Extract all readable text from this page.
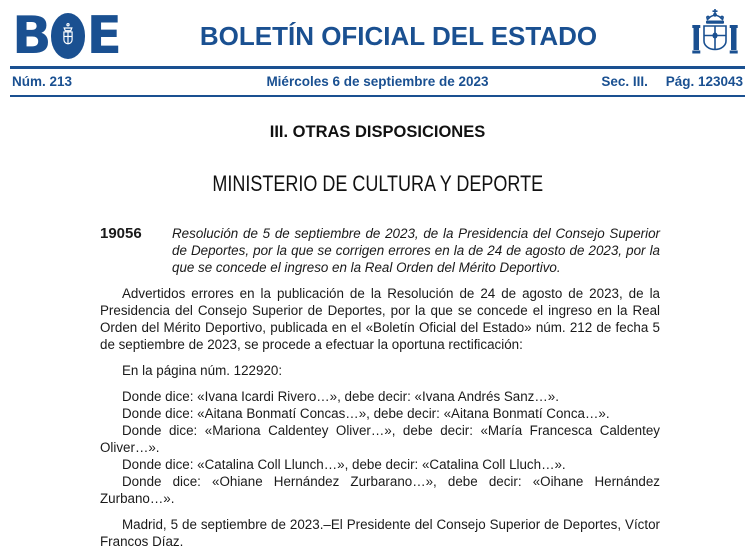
B E	BOLETÍN OFICIAL DEL ESTADO
Núm. 213	Miércoles 6 de septiembre de 2023	Sec. III. Pág. 123043
III. OTRAS DISPOSICIONES
MINISTERIO DE CULTURA Y DEPORTE
19056	Resolución de 5 de septiembre de 2023, de la Presidencia del Consejo Superior de Deportes, por la que se corrigen errores en la de 24 de agosto de 2023, por la que se concede el ingreso en la Real Orden del Mérito Deportivo.

Advertidos errores en la publicación de la Resolución de 24 de agosto de 2023, de la Presidencia del Consejo Superior de Deportes, por la que se concede el ingreso en la Real Orden del Mérito Deportivo, publicada en el «Boletín Oficial del Estado» núm. 212 de fecha 5 de septiembre de 2023, se procede a efectuar la oportuna rectificación:

En la página núm. 122920:

Donde dice: «Ivana Icardi Rivero…», debe decir: «Ivana Andrés Sanz…».

Donde dice: «Aitana Bonmatí Concas…», debe decir: «Aitana Bonmatí Conca…».

Donde dice: «Mariona Caldentey Oliver…», debe decir: «María Francesca Caldentey Oliver…».

Donde dice: «Catalina Coll Llunch…», debe decir: «Catalina Coll Lluch…».

Donde dice: «Ohiane Hernández Zurbarano…», debe decir: «Oihane Hernández Zurbano…».

Madrid, 5 de septiembre de 2023.–El Presidente del Consejo Superior de Deportes, Víctor Francos Díaz.
